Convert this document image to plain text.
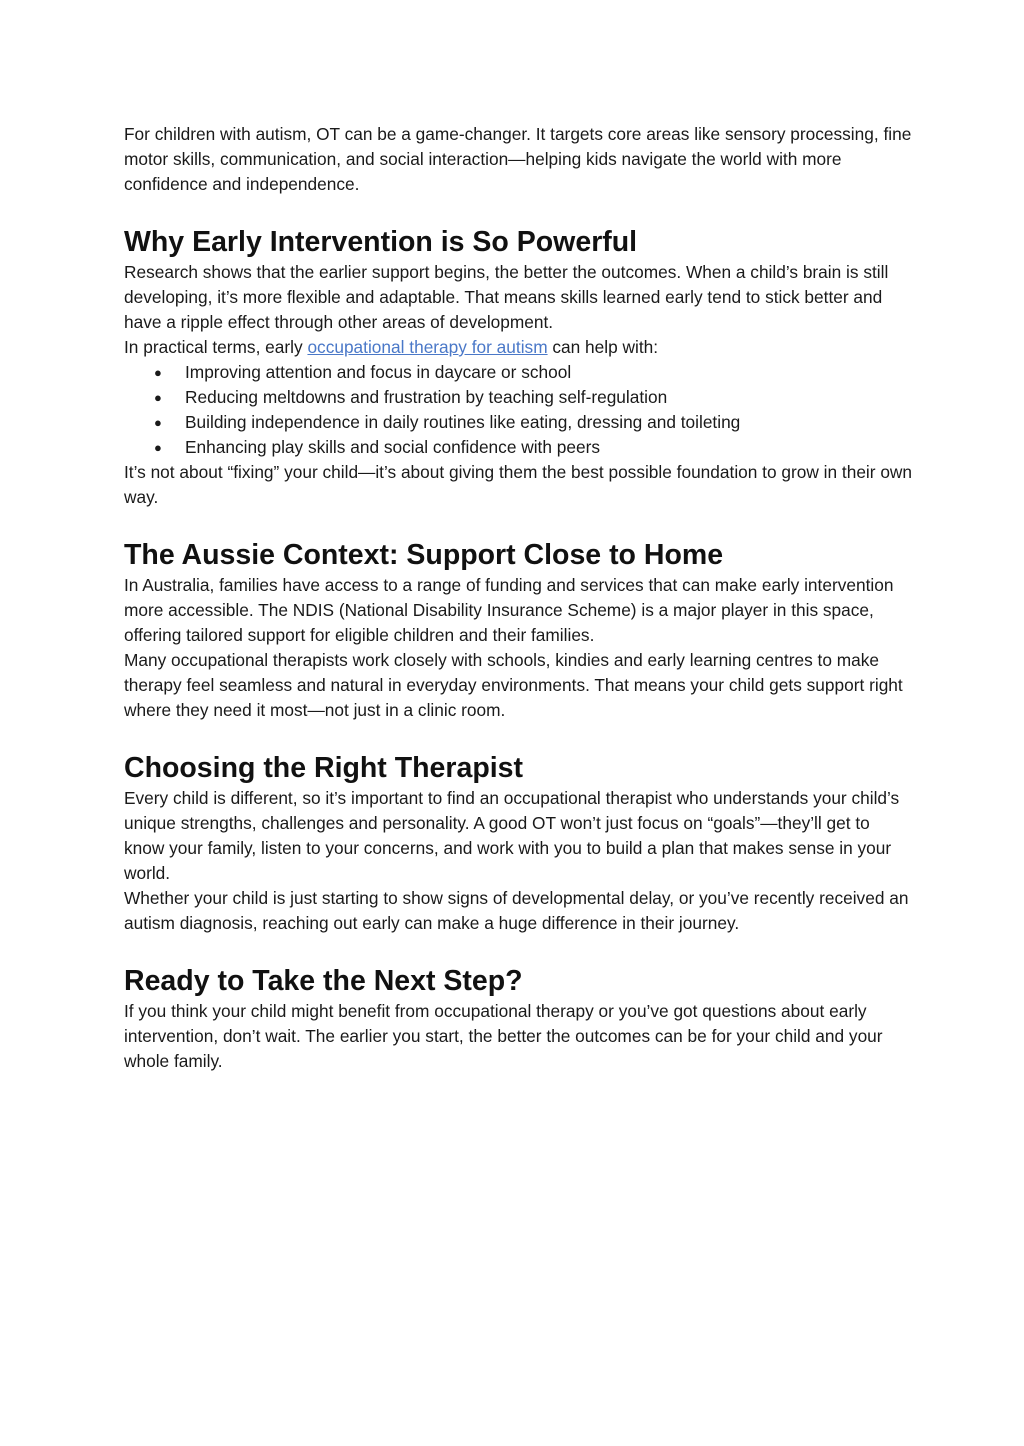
For children with autism, OT can be a game-changer. It targets core areas like sensory processing, fine motor skills, communication, and social interaction—helping kids navigate the world with more confidence and independence.

Why Early Intervention is So Powerful

Research shows that the earlier support begins, the better the outcomes. When a child’s brain is still developing, it’s more flexible and adaptable. That means skills learned early tend to stick better and have a ripple effect through other areas of development.

In practical terms, early occupational therapy for autism can help with:

● Improving attention and focus in daycare or school
● Reducing meltdowns and frustration by teaching self-regulation
● Building independence in daily routines like eating, dressing and toileting
● Enhancing play skills and social confidence with peers

It’s not about “fixing” your child—it’s about giving them the best possible foundation to grow in their own way.

The Aussie Context: Support Close to Home

In Australia, families have access to a range of funding and services that can make early intervention more accessible. The NDIS (National Disability Insurance Scheme) is a major player in this space, offering tailored support for eligible children and their families.

Many occupational therapists work closely with schools, kindies and early learning centres to make therapy feel seamless and natural in everyday environments. That means your child gets support right where they need it most—not just in a clinic room.

Choosing the Right Therapist

Every child is different, so it’s important to find an occupational therapist who understands your child’s unique strengths, challenges and personality. A good OT won’t just focus on “goals”—they’ll get to know your family, listen to your concerns, and work with you to build a plan that makes sense in your world.

Whether your child is just starting to show signs of developmental delay, or you’ve recently received an autism diagnosis, reaching out early can make a huge difference in their journey.

Ready to Take the Next Step?

If you think your child might benefit from occupational therapy or you’ve got questions about early intervention, don’t wait. The earlier you start, the better the outcomes can be for your child and your whole family.
